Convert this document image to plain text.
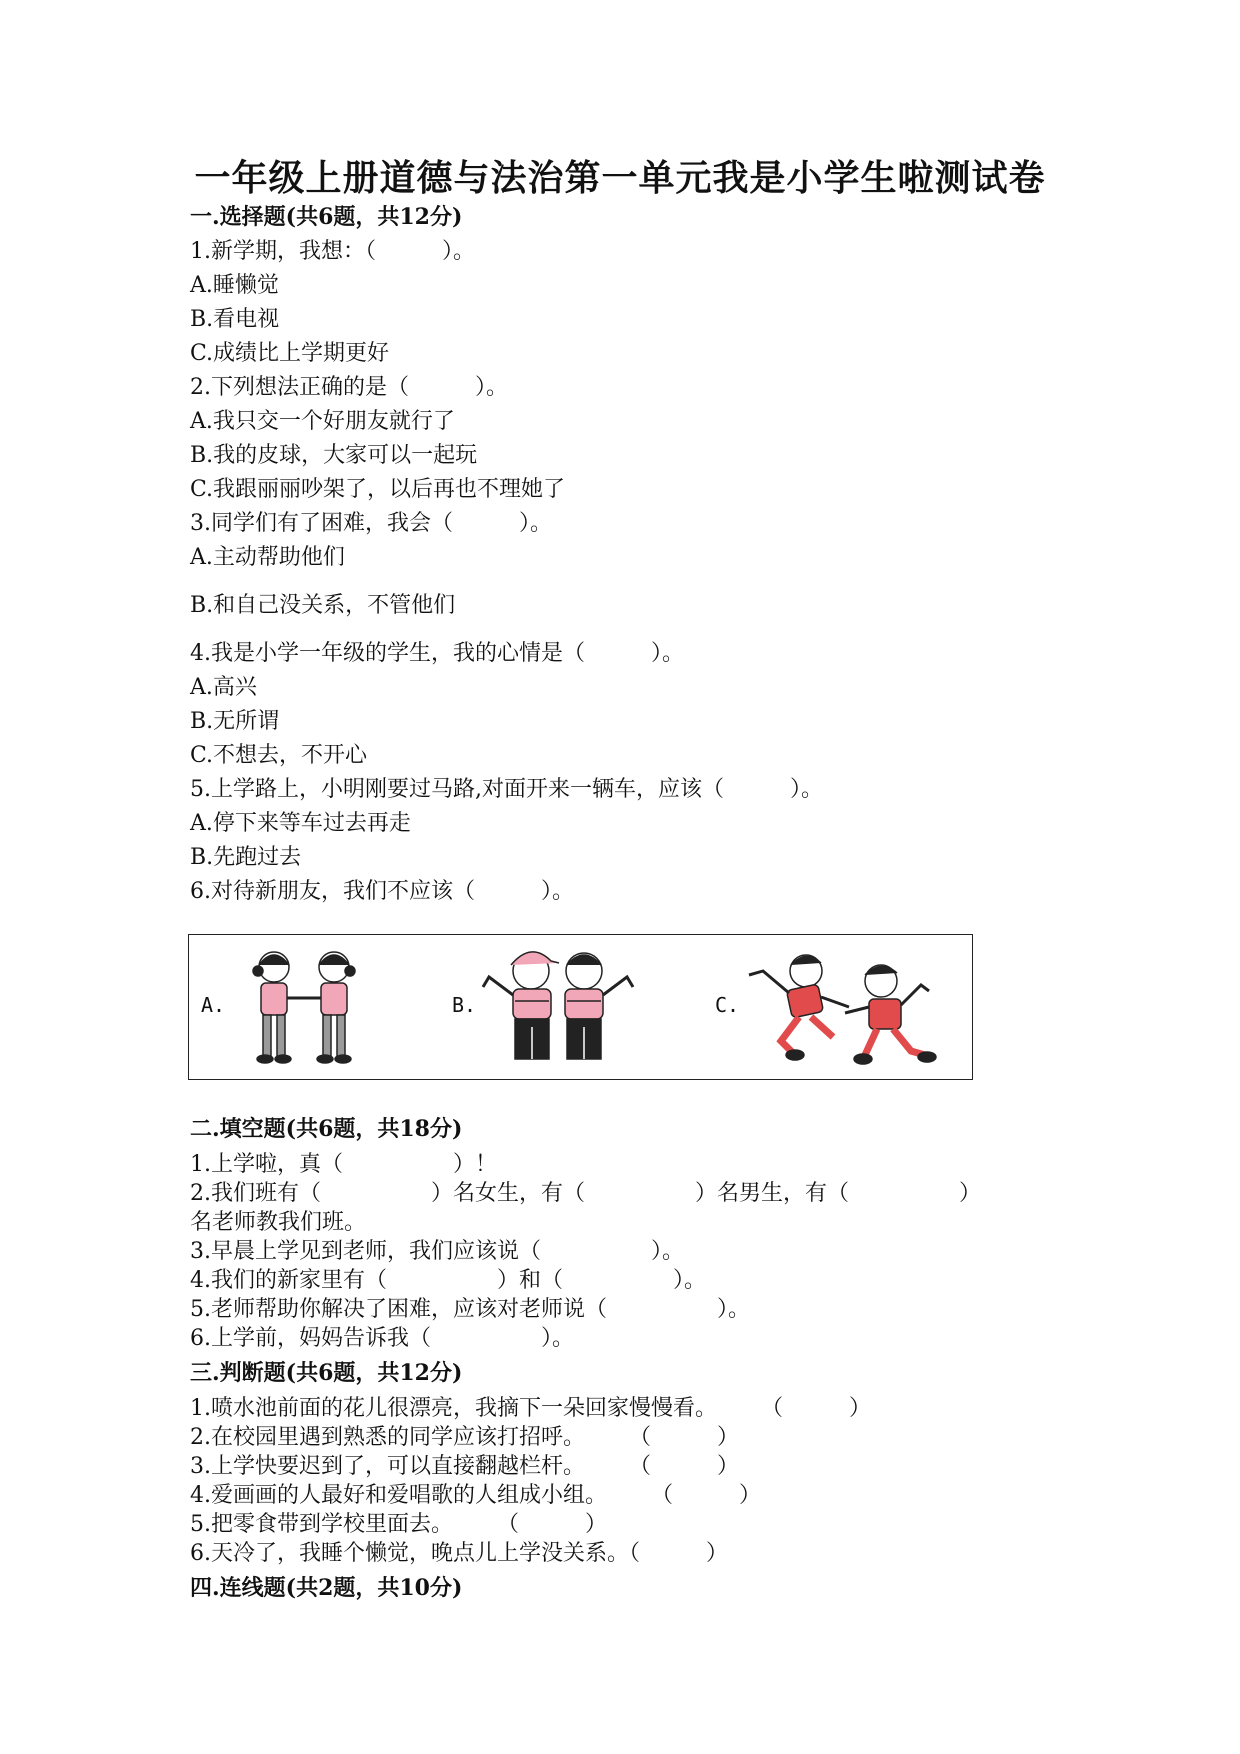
一年级上册道德与法治第一单元我是小学生啦测试卷
一.选择题(共6题，共12分)
1.新学期，我想：（　　　）。
A.睡懒觉
B.看电视
C.成绩比上学期更好
2.下列想法正确的是（　　　）。
A.我只交一个好朋友就行了
B.我的皮球，大家可以一起玩
C.我跟丽丽吵架了，以后再也不理她了
3.同学们有了困难，我会（　　　）。
A.主动帮助他们
B.和自己没关系，不管他们
4.我是小学一年级的学生，我的心情是（　　　）。
A.高兴
B.无所谓
C.不想去，不开心
5.上学路上，小明刚要过马路,对面开来一辆车，应该（　　　）。
A.停下来等车过去再走
B.先跑过去
6.对待新朋友，我们不应该（　　　）。
A.	B.	C.
二.填空题(共6题，共18分)
1.上学啦，真（　　　　　）！
2.我们班有（　　　　　）名女生，有（　　　　　）名男生，有（　　　　　）
名老师教我们班。
3.早晨上学见到老师，我们应该说（　　　　　）。
4.我们的新家里有（　　　　　）和（　　　　　）。
5.老师帮助你解决了困难，应该对老师说（　　　　　）。
6.上学前，妈妈告诉我（　　　　　）。
三.判断题(共6题，共12分)
1.喷水池前面的花儿很漂亮，我摘下一朵回家慢慢看。　　　（　　　）
2.在校园里遇到熟悉的同学应该打招呼。　　　（　　　）
3.上学快要迟到了，可以直接翻越栏杆。　　　（　　　）
4.爱画画的人最好和爱唱歌的人组成小组。　　　（　　　）
5.把零食带到学校里面去。　　　（　　　）
6.天冷了，我睡个懒觉，晚点儿上学没关系。（　　　）
四.连线题(共2题，共10分)
